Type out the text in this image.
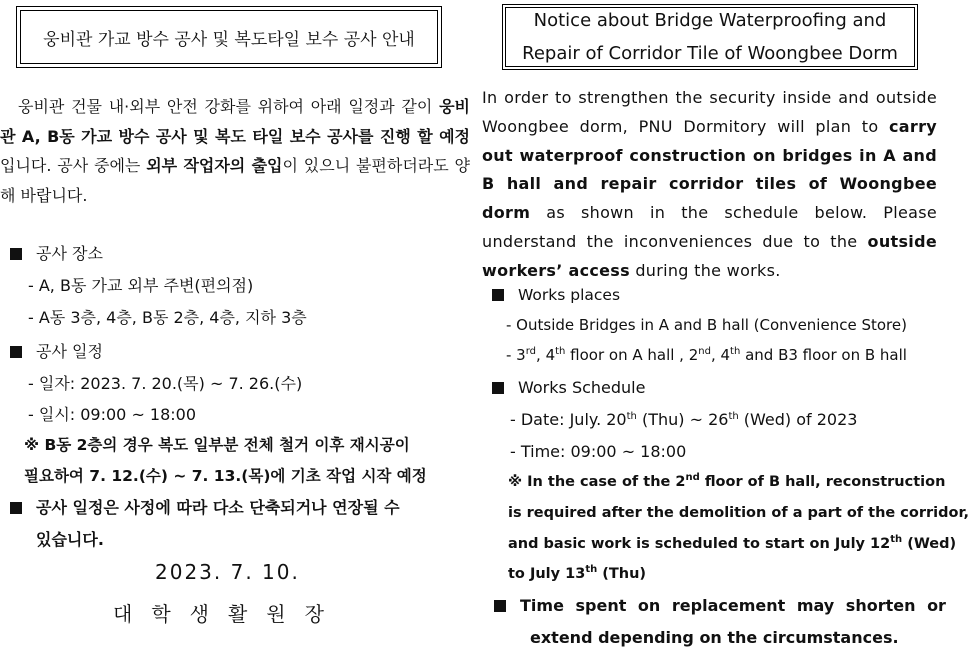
웅비관 가교 방수 공사 및 복도타일 보수 공사 안내
웅비관 건물 내·외부 안전 강화를 위하여 아래 일정과 같이 웅비관 A, B동 가교 방수 공사 및 복도 타일 보수 공사를 진행 할 예정입니다. 공사 중에는 외부 작업자의 출입이 있으니 불편하더라도 양해 바랍니다.
공사 장소
- A, B동 가교 외부 주변(편의점)
- A동 3층, 4층, B동 2층, 4층, 지하 3층
공사 일정
- 일자: 2023. 7. 20.(목) ~ 7. 26.(수)
- 일시: 09:00 ~ 18:00
※ B동 2층의 경우 복도 일부분 전체 철거 이후 재시공이
필요하여 7. 12.(수) ~ 7. 13.(목)에 기초 작업 시작 예정
공사 일정은 사정에 따라 다소 단축되거나 연장될 수
있습니다.
2023. 7. 10.
대학생활원장
Notice about Bridge Waterproofing and
Repair of Corridor Tile of Woongbee Dorm
In order to strengthen the security inside and outside Woongbee dorm, PNU Dormitory will plan to carry out waterproof construction on bridges in A and B hall and repair corridor tiles of Woongbee dorm as shown in the schedule below. Please understand the inconveniences due to the outside workers’ access during the works.
Works places
- Outside Bridges in A and B hall (Convenience Store)
- 3rd, 4th floor on A hall , 2nd, 4th and B3 floor on B hall
Works Schedule
- Date: July. 20th (Thu) ~ 26th (Wed) of 2023
- Time: 09:00 ~ 18:00
※ In the case of the 2nd floor of B hall, reconstruction
is required after the demolition of a part of the corridor,
and basic work is scheduled to start on July 12th (Wed)
to July 13th (Thu)
Time spent on replacement may shorten or
extend depending on the circumstances.
